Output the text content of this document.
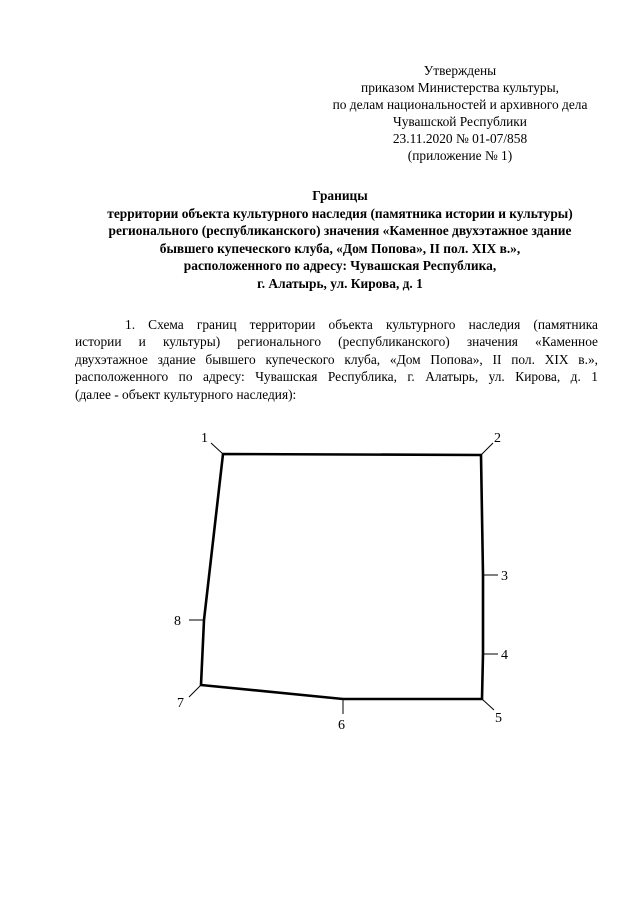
Утверждены
приказом Министерства культуры,
по делам национальностей и архивного дела
Чувашской Республики
23.11.2020 № 01-07/858
(приложение № 1)
Границы
территории объекта культурного наследия (памятника истории и культуры)
регионального (республиканского) значения «Каменное двухэтажное здание
бывшего купеческого клуба, «Дом Попова», II пол. XIX в.»,
расположенного по адресу: Чувашская Республика,
г. Алатырь, ул. Кирова, д. 1
1. Схема границ территории объекта культурного наследия (памятника
истории и культуры) регионального (республиканского) значения «Каменное
двухэтажное здание бывшего купеческого клуба, «Дом Попова», II пол. XIX в.»,
расположенного по адресу: Чувашская Республика, г. Алатырь, ул. Кирова, д. 1
(далее - объект культурного наследия):
1	2
3
4
5
6
7
8
